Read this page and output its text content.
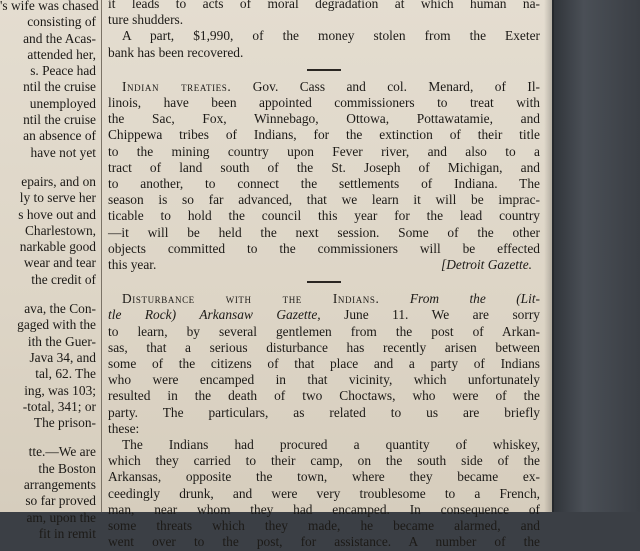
's wife was chased
consisting of
and the Acas-
attended her,
s. Peace had
ntil the cruise
unemployed
ntil the cruise
an absence of
have not yet
epairs, and on
ly to serve her
s hove out and
Charlestown,
narkable good
wear and tear
the credit of
ava, the Con-
gaged with the
ith the Guer-
Java 34, and
tal, 62. The
ing, was 103;
-total, 341; or
The prison-
tte.—We are
the Boston
arrangements
so far proved
am, upon the
fit in remit
it leads to acts of moral degradation at which human na-
ture shudders.
A part, $1,990, of the money stolen from the Exeter
bank has been recovered.
Indian treaties. Gov. Cass and col. Menard, of Il-
linois, have been appointed commissioners to treat with
the Sac, Fox, Winnebago, Ottowa, Pottawatamie, and
Chippewa tribes of Indians, for the extinction of their title
to the mining country upon Fever river, and also to a
tract of land south of the St. Joseph of Michigan, and
to another, to connect the settlements of Indiana. The
season is so far advanced, that we learn it will be imprac-
ticable to hold the council this year for the lead country
—it will be held the next session. Some of the other
objects committed to the commissioners will be effected
this year.	[Detroit Gazette.
Disturbance with the Indians. From the (Lit-
tle Rock) Arkansaw Gazette, June 11. We are sorry
to learn, by several gentlemen from the post of Arkan-
sas, that a serious disturbance has recently arisen between
some of the citizens of that place and a party of Indians
who were encamped in that vicinity, which unfortunately
resulted in the death of two Choctaws, who were of the
party. The particulars, as related to us are briefly
these:
The Indians had procured a quantity of whiskey,
which they carried to their camp, on the south side of the
Arkansas, opposite the town, where they became ex-
ceedingly drunk, and were very troublesome to a French,
man, near whom they had encamped. In consequence of
some threats which they made, he became alarmed, and
went over to the post, for assistance. A number of the
